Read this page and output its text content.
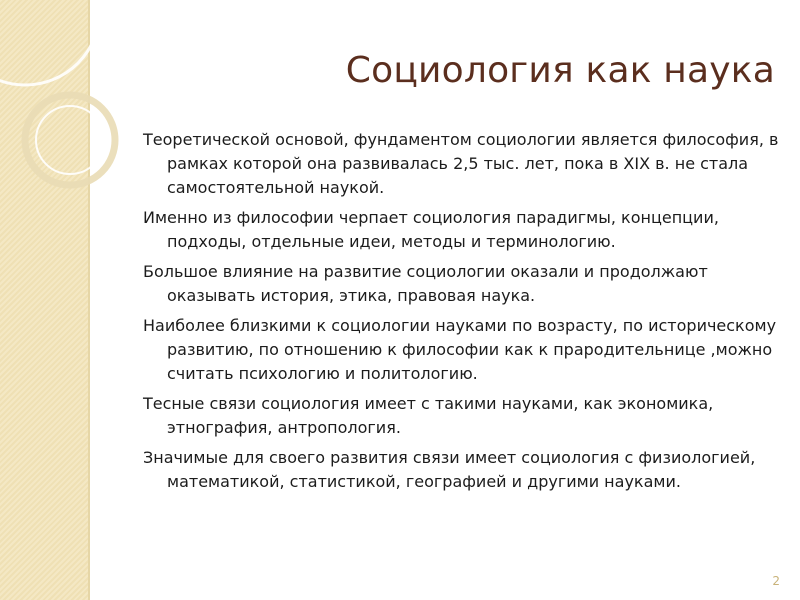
Социология как наука

Теоретической основой, фундаментом социологии является философия, в рамках которой она развивалась 2,5 тыс. лет, пока в XIX в. не стала самостоятельной наукой.

Именно из философии черпает социология парадигмы, концепции, подходы, отдельные идеи, методы и терминологию.

Большое влияние на развитие социологии оказали и продолжают оказывать история, этика, правовая наука.

Наиболее близкими к социологии науками по возрасту, по историческому развитию, по отношению к философии как к прародительнице ,можно считать психологию и политологию.

Тесные связи социология имеет с такими науками, как экономика, этнография, антропология.

Значимые для своего развития связи имеет социология с физиологией, математикой, статистикой, географией и другими науками.

2
